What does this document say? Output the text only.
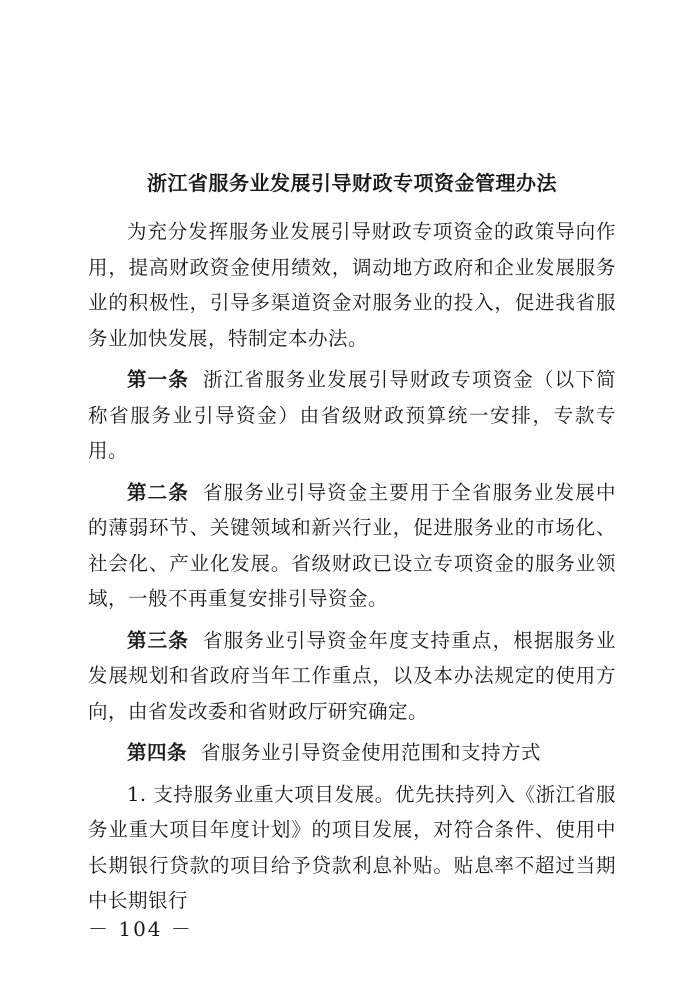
浙江省服务业发展引导财政专项资金管理办法

为充分发挥服务业发展引导财政专项资金的政策导向作用，提高财政资金使用绩效，调动地方政府和企业发展服务业的积极性，引导多渠道资金对服务业的投入，促进我省服务业加快发展，特制定本办法。

第一条 浙江省服务业发展引导财政专项资金（以下简称省服务业引导资金）由省级财政预算统一安排，专款专用。

第二条 省服务业引导资金主要用于全省服务业发展中的薄弱环节、关键领域和新兴行业，促进服务业的市场化、社会化、产业化发展。省级财政已设立专项资金的服务业领域，一般不再重复安排引导资金。

第三条 省服务业引导资金年度支持重点，根据服务业发展规划和省政府当年工作重点，以及本办法规定的使用方向，由省发改委和省财政厅研究确定。

第四条 省服务业引导资金使用范围和支持方式

1. 支持服务业重大项目发展。优先扶持列入《浙江省服务业重大项目年度计划》的项目发展，对符合条件、使用中长期银行贷款的项目给予贷款利息补贴。贴息率不超过当期中长期银行

－ 104 －
